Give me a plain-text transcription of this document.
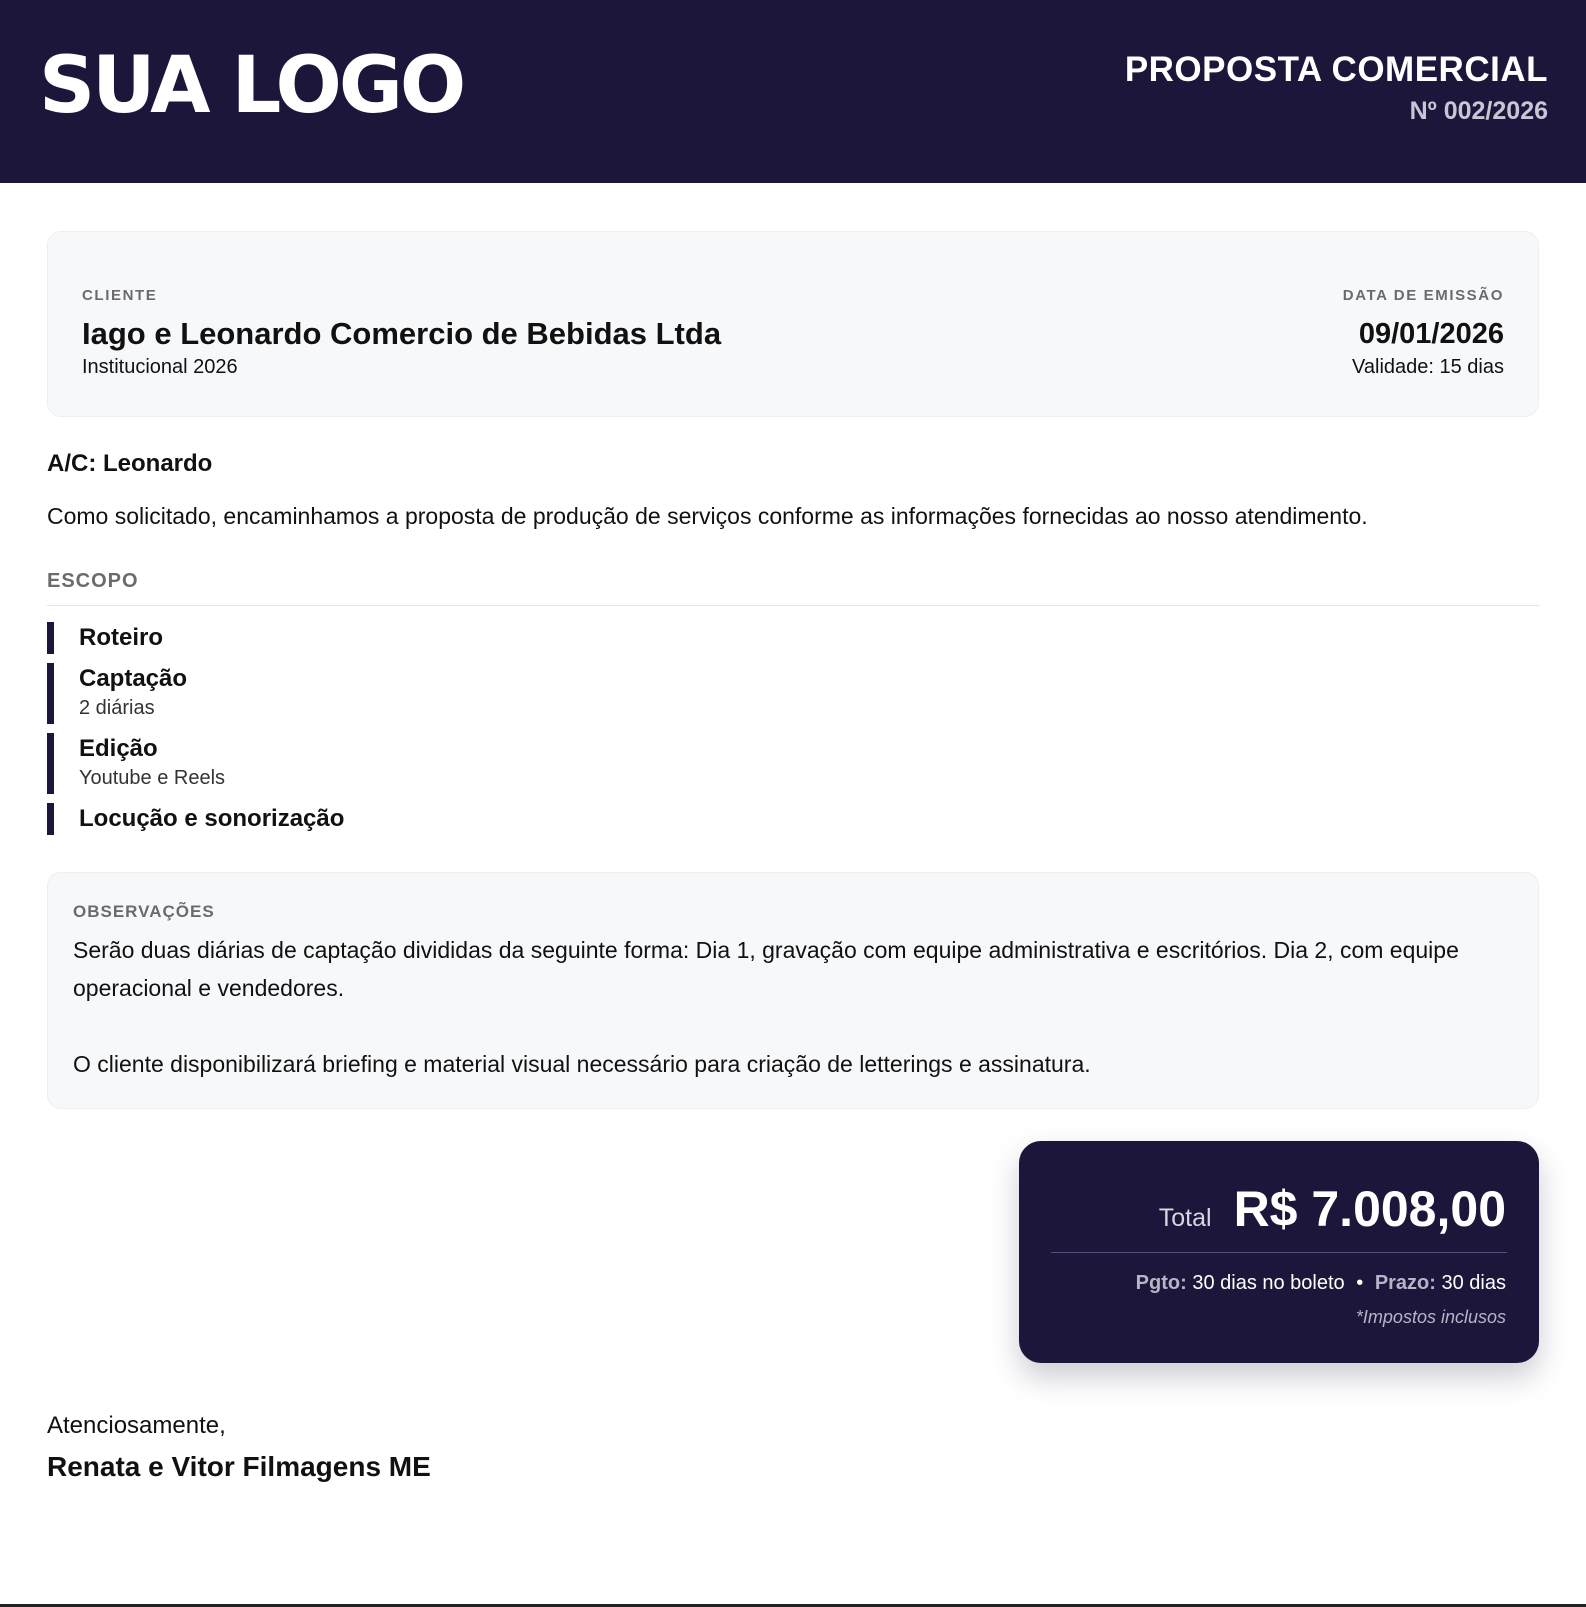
SUA LOGO	PROPOSTA COMERCIAL
Nº 002/2026
CLIENTE
Iago e Leonardo Comercio de Bebidas Ltda
Institucional 2026
DATA DE EMISSÃO
09/01/2026
Validade: 15 dias
A/C: Leonardo
Como solicitado, encaminhamos a proposta de produção de serviços conforme as informações fornecidas ao nosso atendimento.
ESCOPO
Roteiro
Captação
2 diárias
Edição
Youtube e Reels
Locução e sonorização
OBSERVAÇÕES
Serão duas diárias de captação divididas da seguinte forma: Dia 1, gravação com equipe administrativa e escritórios. Dia 2, com equipe operacional e vendedores.

O cliente disponibilizará briefing e material visual necessário para criação de letterings e assinatura.
Total R$ 7.008,00
Pgto: 30 dias no boleto • Prazo: 30 dias
*Impostos inclusos
Atenciosamente,
Renata e Vitor Filmagens ME
